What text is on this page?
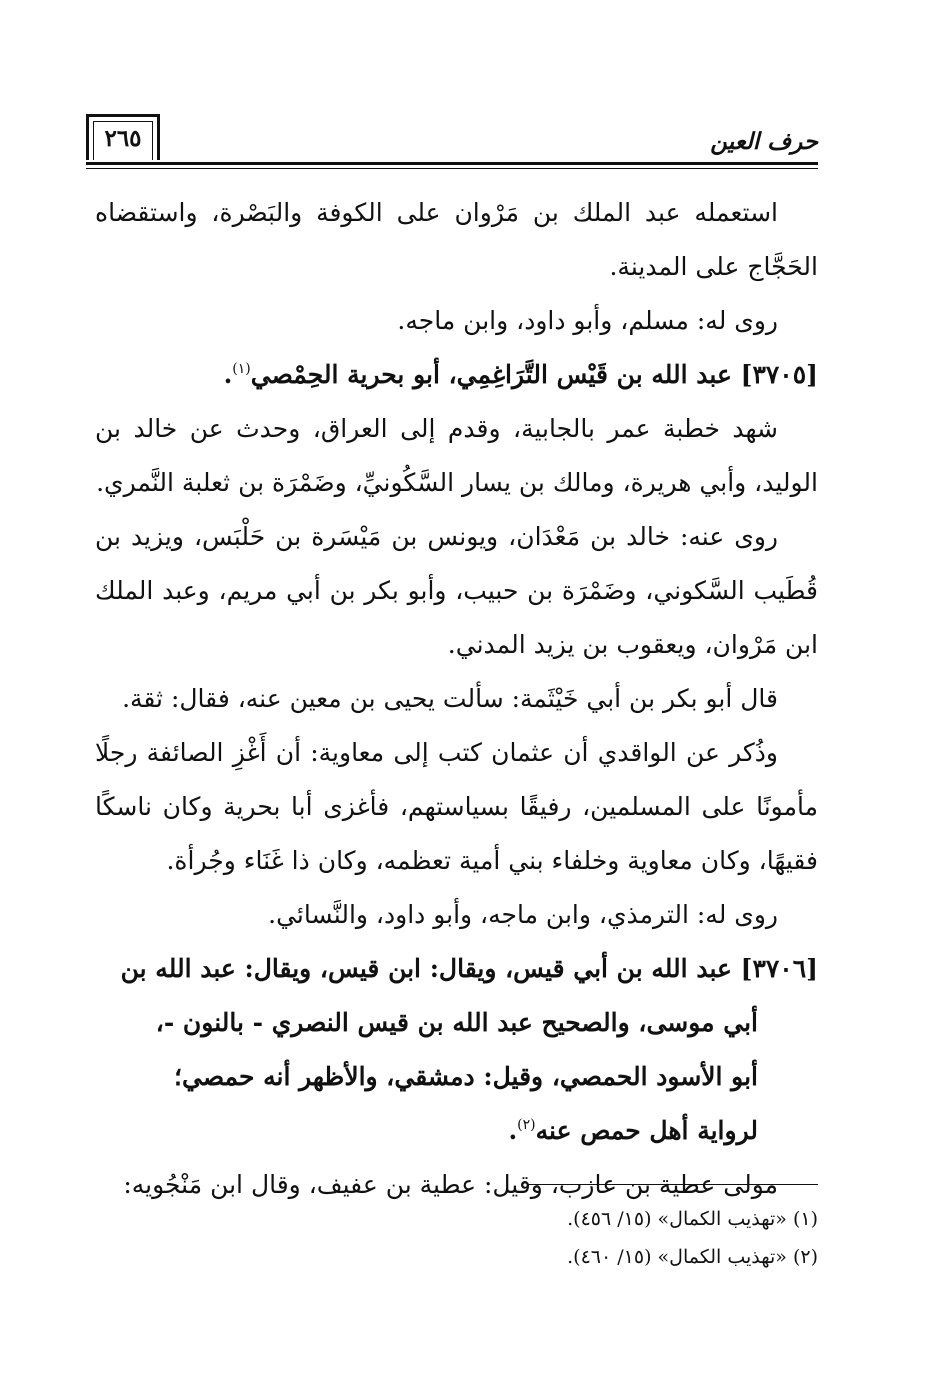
حرف العين
٢٦٥

استعمله عبد الملك بن مَرْوان على الكوفة والبَصْرة، واستقضاه الحَجَّاج على المدينة.

روى له: مسلم، وأبو داود، وابن ماجه.

[٣٧٠٥] عبد الله بن قَيْس التَّرَاغِمِي، أبو بحرية الحِمْصي$^{(١)}$.

شهد خطبة عمر بالجابية، وقدم إلى العراق، وحدث عن خالد بن الوليد، وأبي هريرة، ومالك بن يسار السَّكُونيِّ، وضَمْرَة بن ثعلبة النَّمري.

روى عنه: خالد بن مَعْدَان، ويونس بن مَيْسَرة بن حَلْبَس، ويزيد بن قُطَيب السَّكوني، وضَمْرَة بن حبيب، وأبو بكر بن أبي مريم، وعبد الملك ابن مَرْوان، ويعقوب بن يزيد المدني.

قال أبو بكر بن أبي خَيْثَمة: سألت يحيى بن معين عنه، فقال: ثقة.

وذُكر عن الواقدي أن عثمان كتب إلى معاوية: أن أَغْزِ الصائفة رجلًا مأمونًا على المسلمين، رفيقًا بسياستهم، فأغزى أبا بحرية وكان ناسكًا فقيهًا، وكان معاوية وخلفاء بني أمية تعظمه، وكان ذا غَنَاء وجُرأة.

روى له: الترمذي، وابن ماجه، وأبو داود، والنَّسائي.

[٣٧٠٦] عبد الله بن أبي قيس، ويقال: ابن قيس، ويقال: عبد الله بن

أبي موسى، والصحيح عبد الله بن قيس النصري - بالنون -،

أبو الأسود الحمصي، وقيل: دمشقي، والأظهر أنه حمصي؛

لرواية أهل حمص عنه$^{(٢)}$.

مولى عطية بن عازب، وقيل: عطية بن عفيف، وقال ابن مَنْجُويه:

(١) «تهذيب الكمال» (١٥/ ٤٥٦).

(٢) «تهذيب الكمال» (١٥/ ٤٦٠).
